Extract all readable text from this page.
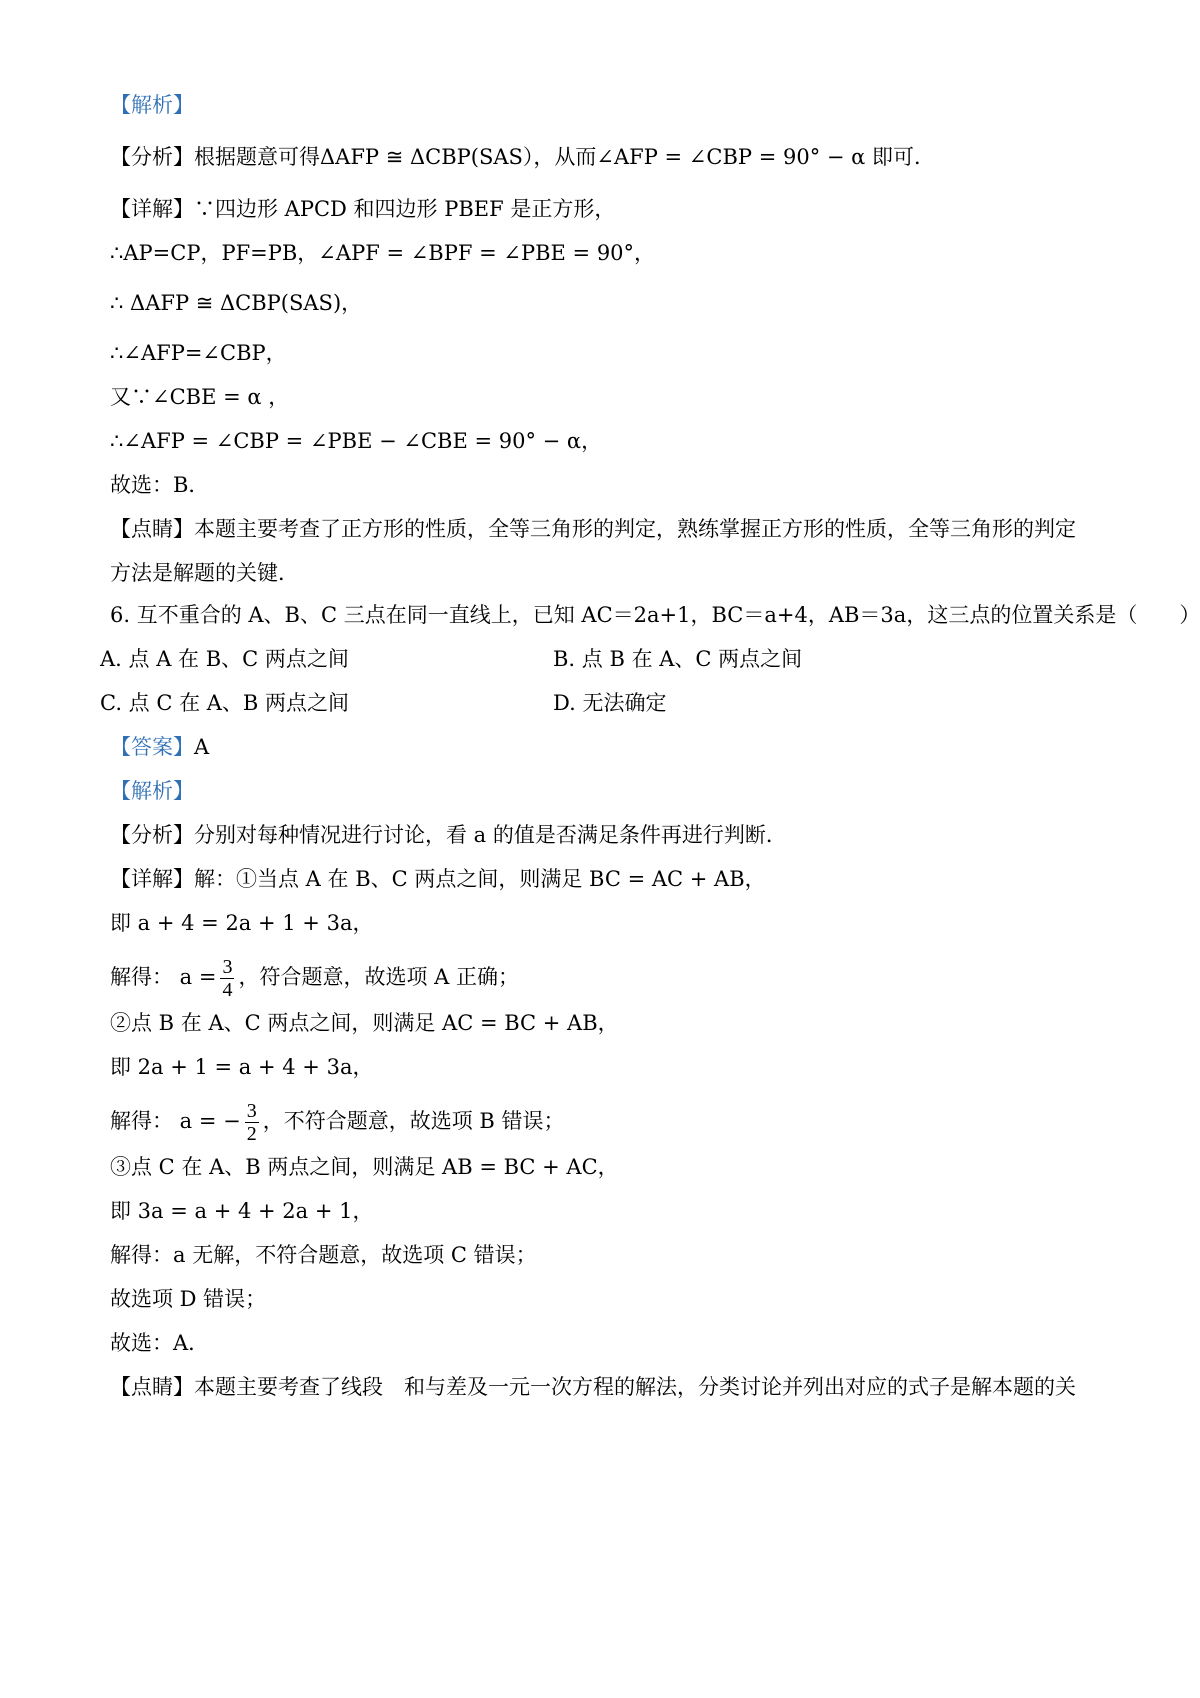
【解析】
【分析】根据题意可得ΔAFP ≅ ΔCBP(SAS），从而∠AFP = ∠CBP = 90° − α 即可．
【详解】∵四边形 APCD 和四边形 PBEF 是正方形，
∴AP=CP，PF=PB，∠APF = ∠BPF = ∠PBE = 90°，
∴ ΔAFP ≅ ΔCBP(SAS)，
∴∠AFP=∠CBP，
又∵∠CBE = α ，
∴∠AFP = ∠CBP = ∠PBE − ∠CBE = 90° − α，
故选：B．
【点睛】本题主要考查了正方形的性质，全等三角形的判定，熟练掌握正方形的性质，全等三角形的判定
方法是解题的关键．
6. 互不重合的 A、B、C 三点在同一直线上，已知 AC＝2a+1，BC＝a+4，AB＝3a，这三点的位置关系是（　　）
A. 点 A 在 B、C 两点之间	B. 点 B 在 A、C 两点之间
C. 点 C 在 A、B 两点之间	D. 无法确定
【答案】A
【解析】
【分析】分别对每种情况进行讨论，看 a 的值是否满足条件再进行判断．
【详解】解：①当点 A 在 B、C 两点之间，则满足 BC = AC + AB，
即 a + 4 = 2a + 1 + 3a，
解得： $a = \frac{3}{4}$ ，符合题意，故选项 A 正确；
②点 B 在 A、C 两点之间，则满足 AC = BC + AB，
即 2a + 1 = a + 4 + 3a，
解得： a = − $\frac{3}{2}$ ，不符合题意，故选项 B 错误；
③点 C 在 A、B 两点之间，则满足 AB = BC + AC，
即 3a = a + 4 + 2a + 1，
解得：a 无解，不符合题意，故选项 C 错误；
故选项 D 错误；
故选：A．
【点睛】本题主要考查了线段　和与差及一元一次方程的解法，分类讨论并列出对应的式子是解本题的关
